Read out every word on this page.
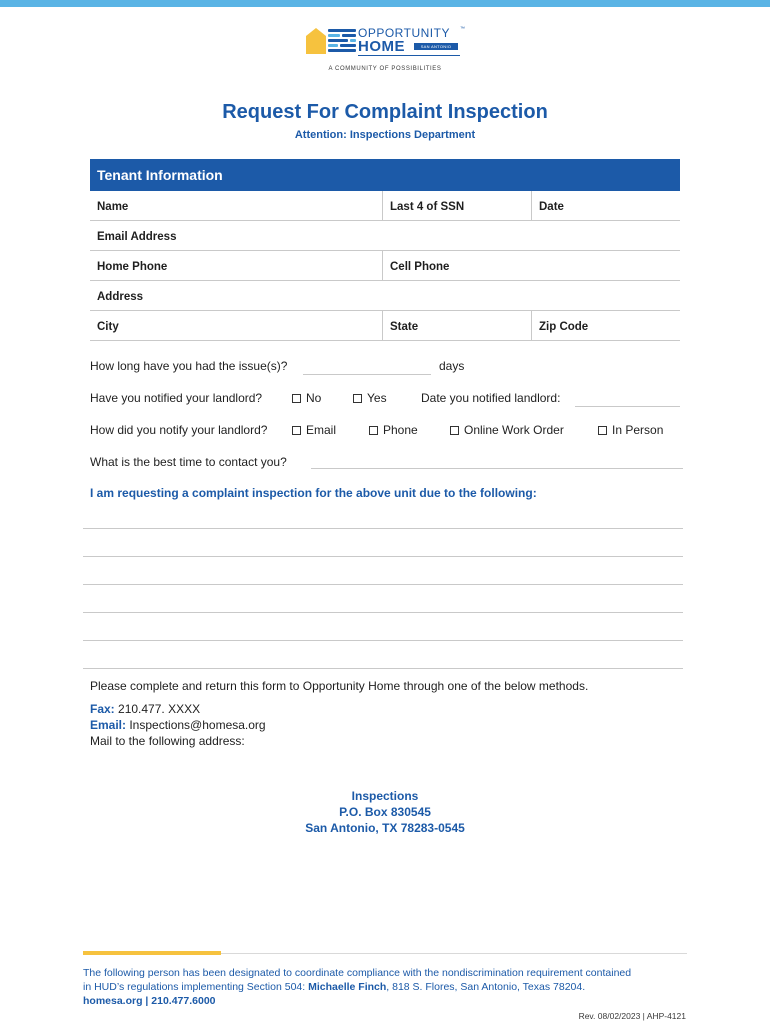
OPPORTUNITY ™
HOME	SAN ANTONIO
A COMMUNITY OF POSSIBILITIES
Request For Complaint Inspection
Attention: Inspections Department
Tenant Information
Name	Last 4 of SSN	Date
Email Address
Home Phone	Cell Phone
Address
City	State	Zip Code
How long have you had the issue(s)?	days
Have you notified your landlord?	No	Yes	Date you notified landlord:
How did you notify your landlord?	Email	Phone	Online Work Order	In Person
What is the best time to contact you?
I am requesting a complaint inspection for the above unit due to the following:
Please complete and return this form to Opportunity Home through one of the below methods.
Fax: 210.477. XXXX
Email: Inspections@homesa.org
Mail to the following address:
Inspections
P.O. Box 830545
San Antonio, TX 78283-0545
The following person has been designated to coordinate compliance with the nondiscrimination requirement contained
in HUD’s regulations implementing Section 504: Michaelle Finch, 818 S. Flores, San Antonio, Texas 78204.
homesa.org | 210.477.6000
Rev. 08/02/2023 | AHP-4121
